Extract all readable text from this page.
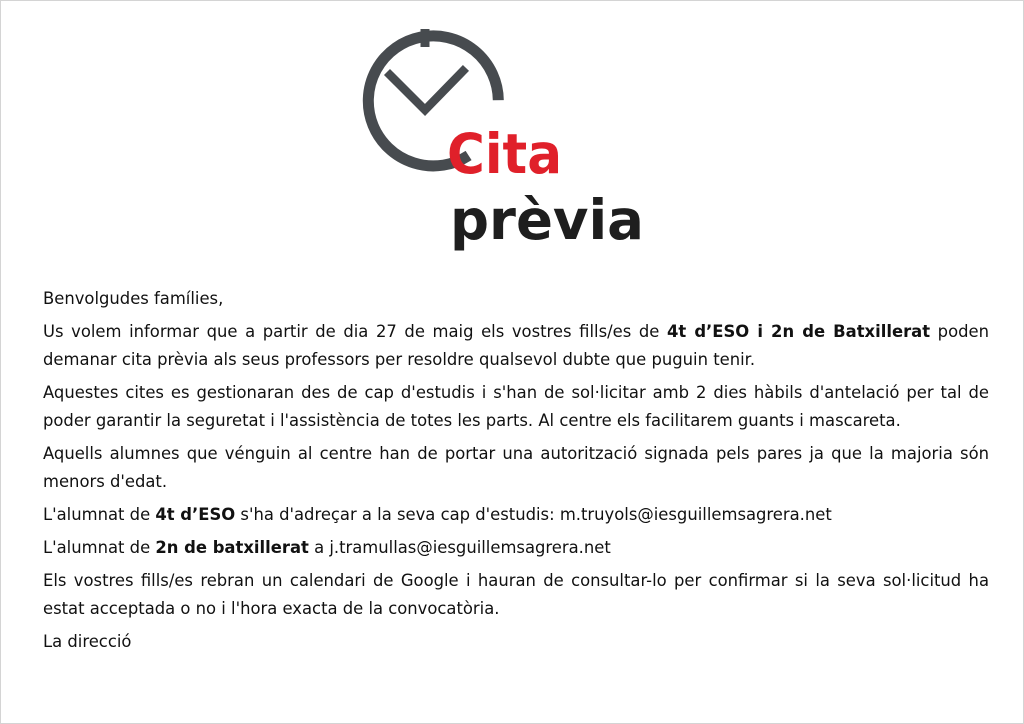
Cita
prèvia

Benvolgudes famílies,

Us volem informar que a partir de dia 27 de maig els vostres fills/es de 4t d’ESO i 2n de Batxillerat poden demanar cita prèvia als seus professors per resoldre qualsevol dubte que puguin tenir.

Aquestes cites es gestionaran des de cap d'estudis i s'han de sol·licitar amb 2 dies hàbils d'antelació per tal de poder garantir la seguretat i l'assistència de totes les parts. Al centre els facilitarem guants i mascareta.

Aquells alumnes que vénguin al centre han de portar una autorització signada pels pares ja que la majoria són menors d'edat.

L'alumnat de 4t d’ESO s'ha d'adreçar a la seva cap d'estudis: m.truyols@iesguillemsagrera.net

L'alumnat de 2n de batxillerat a j.tramullas@iesguillemsagrera.net

Els vostres fills/es rebran un calendari de Google i hauran de consultar-lo per confirmar si la seva sol·licitud ha estat acceptada o no i l'hora exacta de la convocatòria.

La direcció
